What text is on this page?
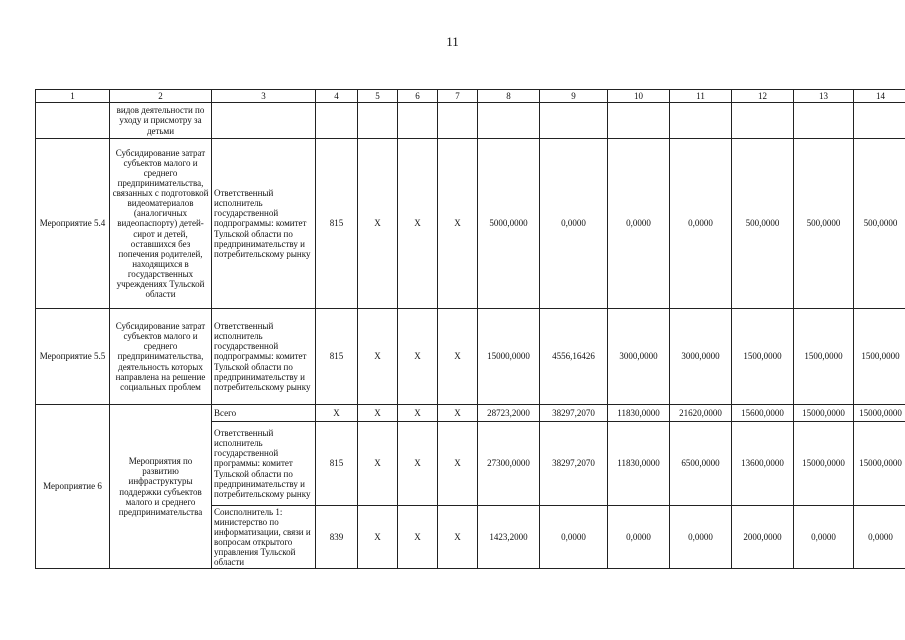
11
1	2	3	4	5	6	7	8	9	10	11	12	13	14
	видов деятельности по уходу и присмотру за детьми												
Мероприятие 5.4	Субсидирование затрат субъектов малого и среднего предпринимательства, связанных с подготовкой видеоматериалов (аналогичных видеопаспорту) детей-сирот и детей, оставшихся без попечения родителей, находящихся в государственных учреждениях Тульской области	Ответственный исполнитель государственной подпрограммы: комитет Тульской области по предпринимательству и потребительскому рынку	815	X	X	X	5000,0000	0,0000	0,0000	0,0000	500,0000	500,0000	500,0000
Мероприятие 5.5	Субсидирование затрат субъектов малого и среднего предпринимательства, деятельность которых направлена на решение социальных проблем	Ответственный исполнитель государственной подпрограммы: комитет Тульской области по предпринимательству и потребительскому рынку	815	X	X	X	15000,0000	4556,16426	3000,0000	3000,0000	1500,0000	1500,0000	1500,0000
Мероприятие 6	Мероприятия по развитию инфраструктуры поддержки субъектов малого и среднего предпринимательства	Всего	X	X	X	X	28723,2000	38297,2070	11830,0000	21620,0000	15600,0000	15000,0000	15000,0000
		Ответственный исполнитель государственной программы: комитет Тульской области по предпринимательству и потребительскому рынку	815	X	X	X	27300,0000	38297,2070	11830,0000	6500,0000	13600,0000	15000,0000	15000,0000
		Соисполнитель 1: министерство по информатизации, связи и вопросам открытого управления Тульской области	839	X	X	X	1423,2000	0,0000	0,0000	0,0000	2000,0000	0,0000	0,0000
